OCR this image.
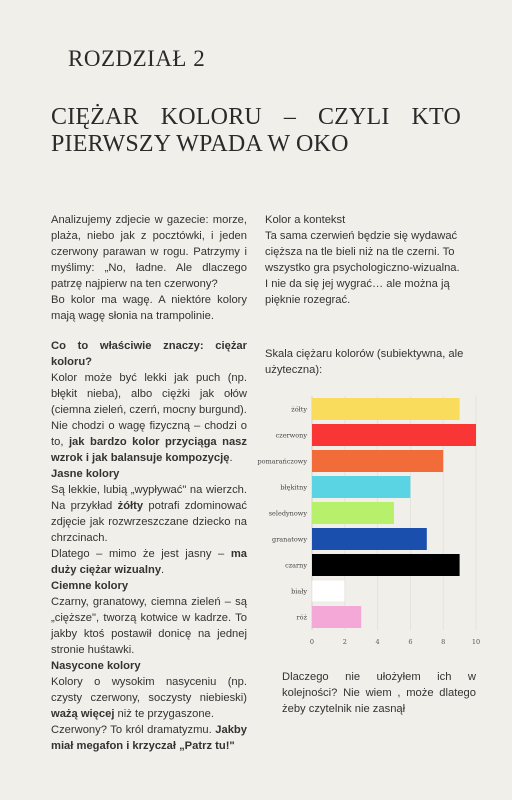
ROZDZIAŁ 2
CIĘŻAR KOLORU – CZYLI KTO PIERWSZY WPADA W OKO

Analizujemy zdjecie w gazecie: morze, plaża, niebo jak z pocztówki, i jeden czerwony parawan w rogu. Patrzymy i myślimy: „No, ładne. Ale dlaczego patrzę najpierw na ten czerwony?

Bo kolor ma wagę. A niektóre kolory mają wagę słonia na trampolinie.

Co to właściwie znaczy: ciężar koloru?

Kolor może być lekki jak puch (np. błękit nieba), albo ciężki jak ołów (ciemna zieleń, czerń, mocny burgund).

Nie chodzi o wagę fizyczną – chodzi o to, jak bardzo kolor przyciąga nasz wzrok i jak balansuje kompozycję.

Jasne kolory

Są lekkie, lubią „wypływać" na wierzch. Na przykład żółty potrafi zdominować zdjęcie jak rozwrzeszczane dziecko na chrzcinach.

Dlatego – mimo że jest jasny – ma duży ciężar wizualny.

Ciemne kolory

Czarny, granatowy, ciemna zieleń – są „cięższe", tworzą kotwice w kadrze. To jakby ktoś postawił donicę na jednej stronie huśtawki.

Nasycone kolory

Kolory o wysokim nasyceniu (np. czysty czerwony, soczysty niebieski) ważą więcej niż te przygaszone.

Czerwony? To król dramatyzmu. Jakby miał megafon i krzyczał „Patrz tu!"

Kolor a kontekst

Ta sama czerwień będzie się wydawać cięższa na tle bieli niż na tle czerni. To wszystko gra psychologiczno-wizualna. I nie da się jej wygrać… ale można ją pięknie rozegrać.

Skala ciężaru kolorów (subiektywna, ale użyteczna):
0	2	4	6	8	10
żółty
czerwony
pomarańczowy
błękitny
seledynowy
granatowy
czarny
biały
róż
Dlaczego nie ułożyłem ich w kolejności? Nie wiem , może dlatego żeby czytelnik nie zasnął
